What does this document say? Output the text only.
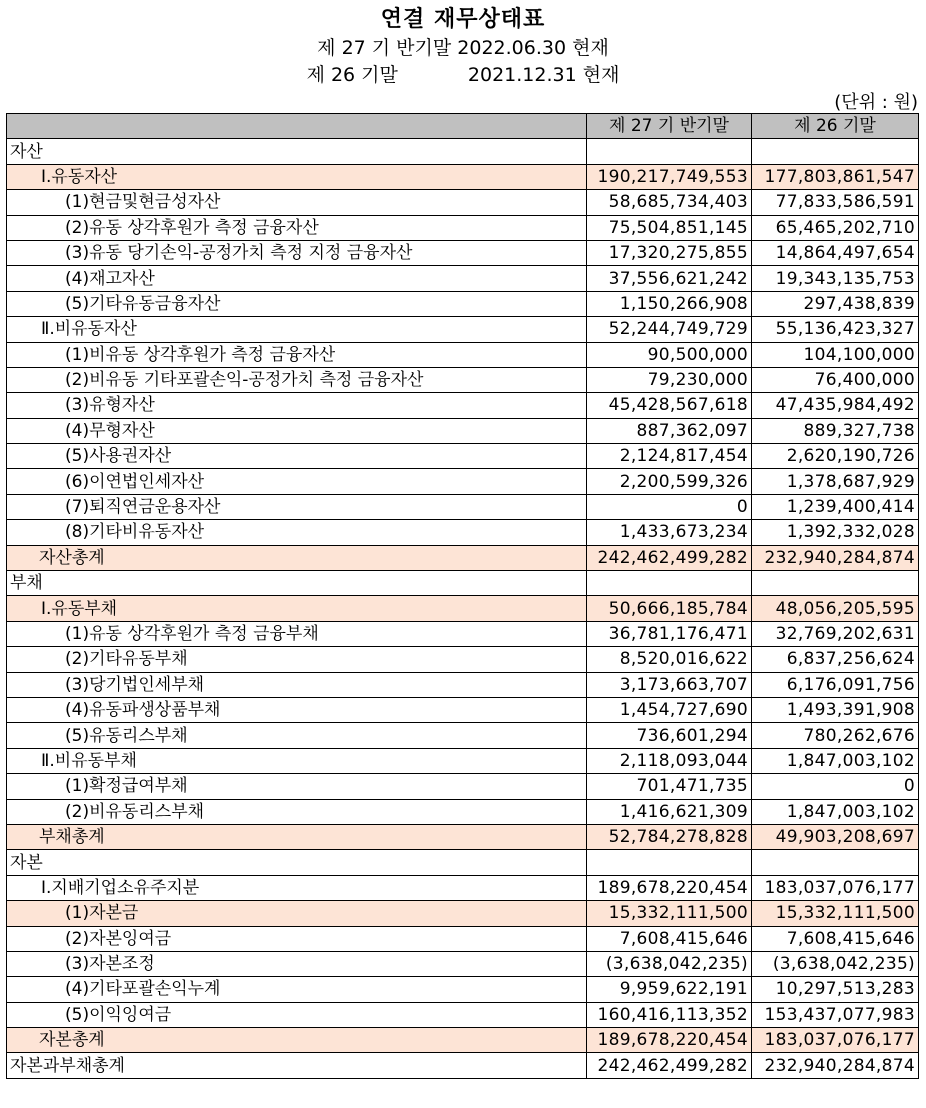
연결 재무상태표
제 27 기 반기말 2022.06.30 현재
제 26 기말	2021.12.31 현재
(단위 : 원)
	제 27 기 반기말	제 26 기말
자산		
Ⅰ.유동자산	190,217,749,553	177,803,861,547
(1)현금및현금성자산	58,685,734,403	77,833,586,591
(2)유동 상각후원가 측정 금융자산	75,504,851,145	65,465,202,710
(3)유동 당기손익-공정가치 측정 지정 금융자산	17,320,275,855	14,864,497,654
(4)재고자산	37,556,621,242	19,343,135,753
(5)기타유동금융자산	1,150,266,908	297,438,839
Ⅱ.비유동자산	52,244,749,729	55,136,423,327
(1)비유동 상각후원가 측정 금융자산	90,500,000	104,100,000
(2)비유동 기타포괄손익-공정가치 측정 금융자산	79,230,000	76,400,000
(3)유형자산	45,428,567,618	47,435,984,492
(4)무형자산	887,362,097	889,327,738
(5)사용권자산	2,124,817,454	2,620,190,726
(6)이연법인세자산	2,200,599,326	1,378,687,929
(7)퇴직연금운용자산	0	1,239,400,414
(8)기타비유동자산	1,433,673,234	1,392,332,028
자산총계	242,462,499,282	232,940,284,874
부채		
Ⅰ.유동부채	50,666,185,784	48,056,205,595
(1)유동 상각후원가 측정 금융부채	36,781,176,471	32,769,202,631
(2)기타유동부채	8,520,016,622	6,837,256,624
(3)당기법인세부채	3,173,663,707	6,176,091,756
(4)유동파생상품부채	1,454,727,690	1,493,391,908
(5)유동리스부채	736,601,294	780,262,676
Ⅱ.비유동부채	2,118,093,044	1,847,003,102
(1)확정급여부채	701,471,735	0
(2)비유동리스부채	1,416,621,309	1,847,003,102
부채총계	52,784,278,828	49,903,208,697
자본		
Ⅰ.지배기업소유주지분	189,678,220,454	183,037,076,177
(1)자본금	15,332,111,500	15,332,111,500
(2)자본잉여금	7,608,415,646	7,608,415,646
(3)자본조정	(3,638,042,235)	(3,638,042,235)
(4)기타포괄손익누계	9,959,622,191	10,297,513,283
(5)이익잉여금	160,416,113,352	153,437,077,983
자본총계	189,678,220,454	183,037,076,177
자본과부채총계	242,462,499,282	232,940,284,874
